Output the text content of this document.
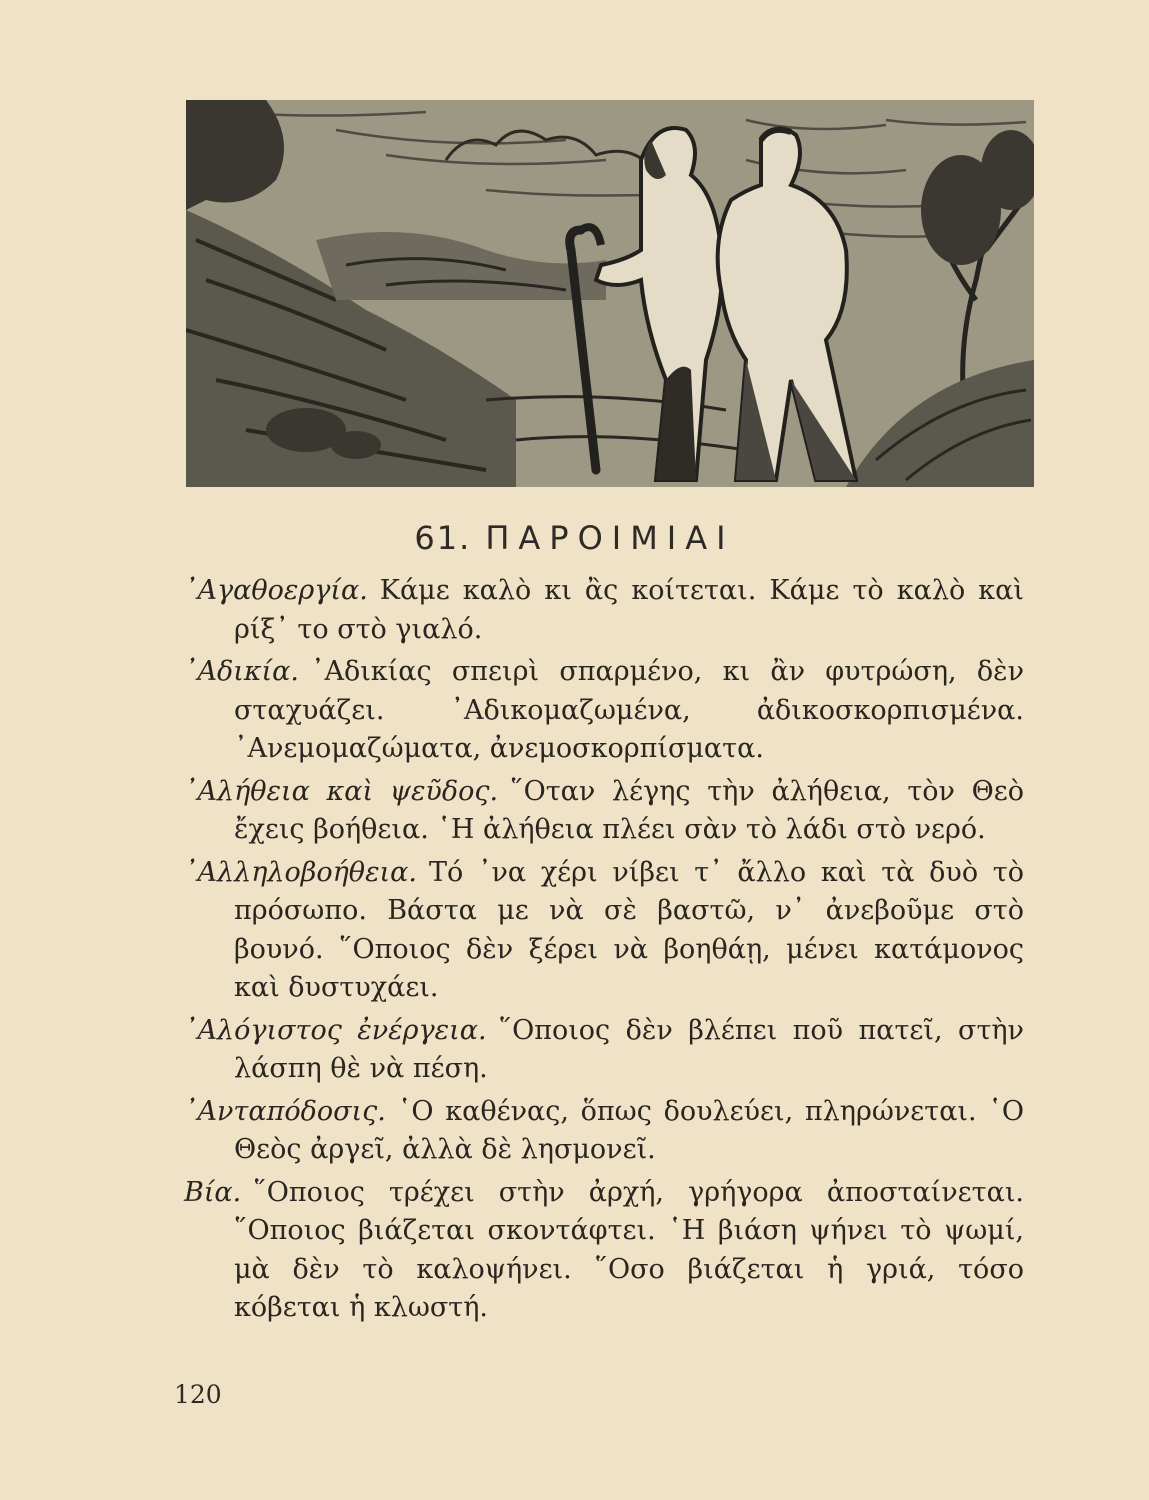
61. ΠΑΡΟΙΜΙΑΙ

᾿Αγαθοεργία. Κάμε καλὸ κι ἂς κοίτεται. Κάμε τὸ καλὸ καὶ ρίξ᾿ το στὸ γιαλό.

᾿Αδικία. ᾿Αδικίας σπειρὶ σπαρμένο, κι ἂν φυτρώση, δὲν σταχυάζει. ᾿Αδικομαζωμένα, ἀδικοσκορπισμένα. ᾿Ανεμομαζώματα, ἀνεμοσκορπίσματα.

᾿Αλήθεια καὶ ψεῦδος. ῞Οταν λέγης τὴν ἀλήθεια, τὸν Θεὸ ἔχεις βοήθεια. ῾Η ἀλήθεια πλέει σὰν τὸ λάδι στὸ νερό.

᾿Αλληλοβοήθεια. Τό ᾿να χέρι νίβει τ᾿ ἄλλο καὶ τὰ δυὸ τὸ πρόσωπο. Βάστα με νὰ σὲ βαστῶ, ν᾿ ἀνεβοῦμε στὸ βουνό. ῞Οποιος δὲν ξέρει νὰ βοηθάῃ, μένει κατάμονος καὶ δυστυχάει.

᾿Αλόγιστος ἐνέργεια. ῞Οποιος δὲν βλέπει ποῦ πατεῖ, στὴν λάσπη θὲ νὰ πέση.

᾿Ανταπόδοσις. ῾Ο καθένας, ὅπως δουλεύει, πληρώνεται. ῾Ο Θεὸς ἀργεῖ, ἀλλὰ δὲ λησμονεῖ.

Βία. ῞Οποιος τρέχει στὴν ἀρχή, γρήγορα ἀποσταίνεται. ῞Οποιος βιάζεται σκοντάφτει. ῾Η βιάση ψήνει τὸ ψωμί, μὰ δὲν τὸ καλοψήνει. ῞Οσο βιάζεται ἡ γριά, τόσο κόβεται ἡ κλωστή.

120
